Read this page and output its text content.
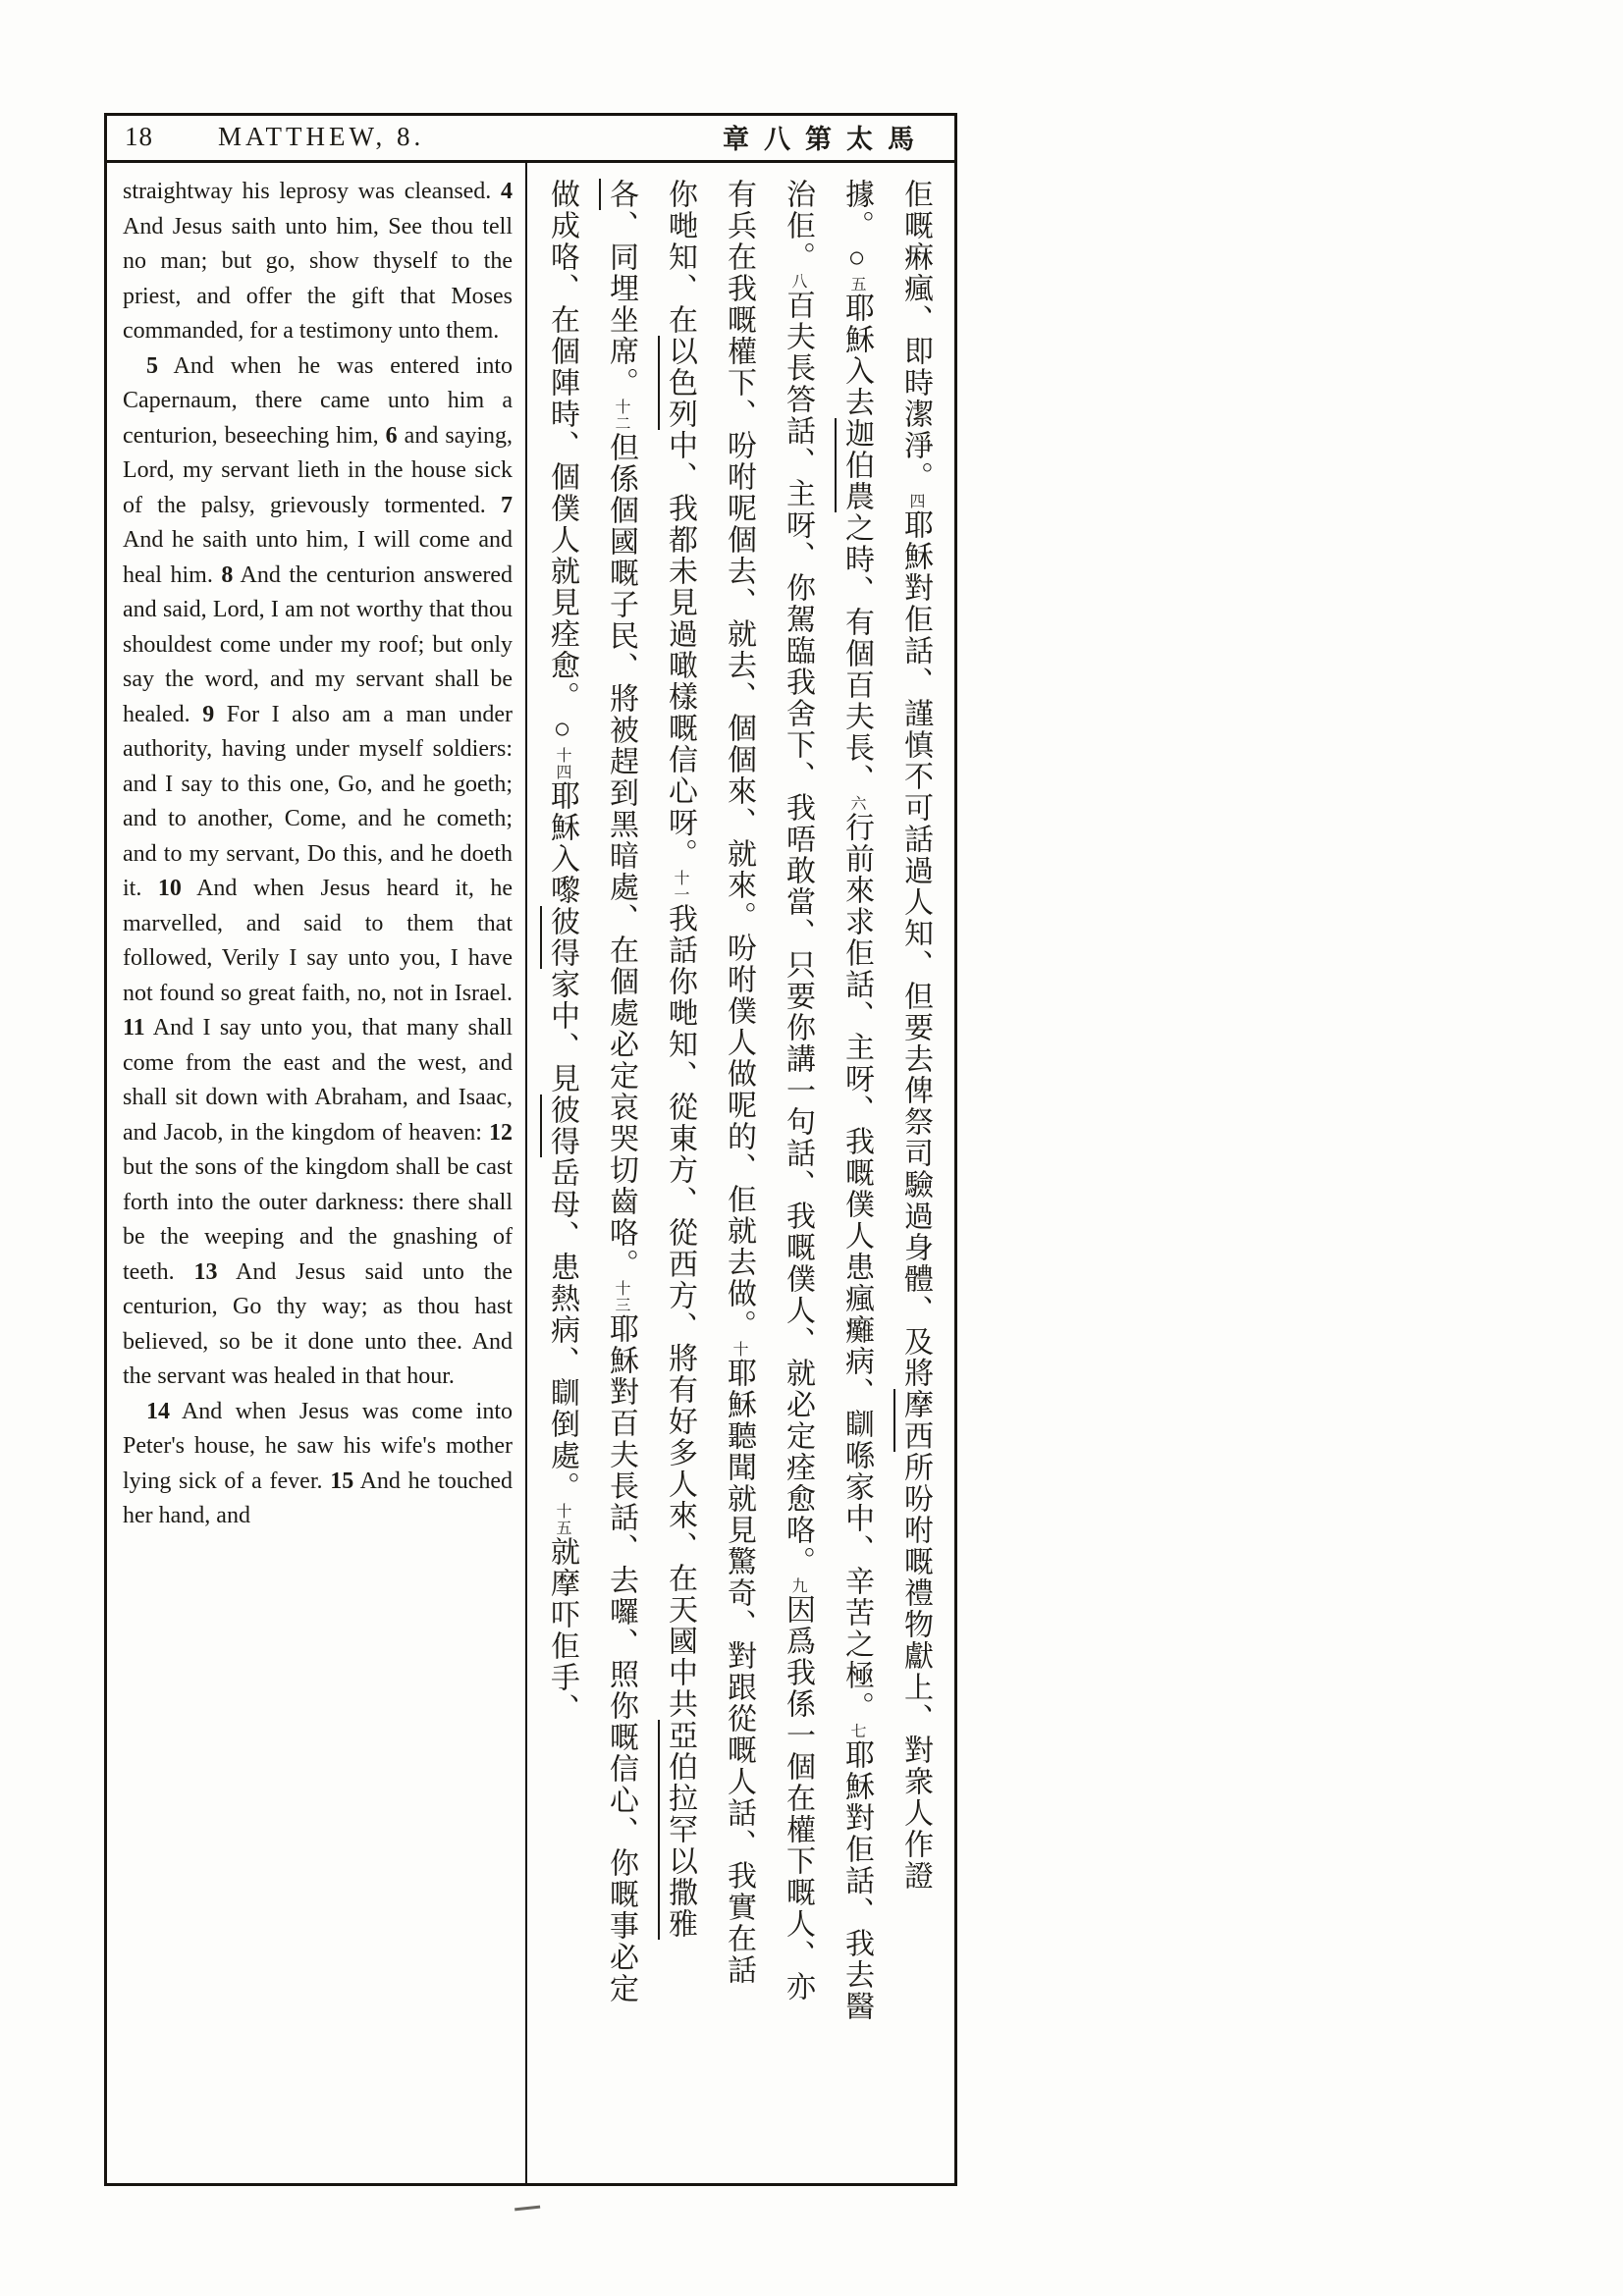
18 MATTHEW, 8.	章八第太馬

straightway his leprosy was cleansed. 4 And Jesus saith unto him, See thou tell no man; but go, show thyself to the priest, and offer the gift that Moses commanded, for a testimony unto them.

5 And when he was entered into Capernaum, there came unto him a centurion, beseeching him, 6 and saying, Lord, my servant lieth in the house sick of the palsy, grievously tormented. 7 And he saith unto him, I will come and heal him. 8 And the centurion answered and said, Lord, I am not worthy that thou shouldest come under my roof; but only say the word, and my servant shall be healed. 9 For I also am a man under authority, having under myself soldiers: and I say to this one, Go, and he goeth; and to another, Come, and he cometh; and to my servant, Do this, and he doeth it. 10 And when Jesus heard it, he marvelled, and said to them that followed, Verily I say unto you, I have not found so great faith, no, not in Israel. 11 And I say unto you, that many shall come from the east and the west, and shall sit down with Abraham, and Isaac, and Jacob, in the kingdom of heaven: 12 but the sons of the kingdom shall be cast forth into the outer darkness: there shall be the weeping and the gnashing of teeth. 13 And Jesus said unto the centurion, Go thy way; as thou hast believed, so be it done unto thee. And the servant was healed in that hour.

14 And when Jesus was come into Peter's house, he saw his wife's mother lying sick of a fever. 15 And he touched her hand, and

佢嘅痳瘋、即時潔淨。四耶穌對佢話、謹慎不可話過人知、但要去俾祭司驗過身體、及將摩西所吩咐嘅禮物獻上、對衆人作證
據。○五耶穌入去迦伯農之時、有個百夫長、六行前來求佢話、主呀、我嘅僕人患瘋癱病、瞓喺家中、辛苦之極。七耶穌對佢話、我去醫
治佢。八百夫長答話、主呀、你駕臨我舍下、我唔敢當、只要你講一句話、我嘅僕人、就必定痊愈咯。九因爲我係一個在權下嘅人、亦
有兵在我嘅權下、吩咐呢個去、就去、個個來、就來。吩咐僕人做呢的、佢就去做。十耶穌聽聞就見驚奇、對跟從嘅人話、我實在話
你哋知、在以色列中、我都未見過噉樣嘅信心呀。十一我話你哋知、從東方、從西方、將有好多人來、在天國中共亞伯拉罕以撒雅
各、同埋坐席。十二但係個國嘅子民、將被趕到黑暗處、在個處必定哀哭切齒咯。十三耶穌對百夫長話、去囉、照你嘅信心、你嘅事必定
做成咯、在個陣時、個僕人就見痊愈。○十四耶穌入嚟彼得家中、見彼得岳母、患熱病、瞓倒處。十五就摩吓佢手、
